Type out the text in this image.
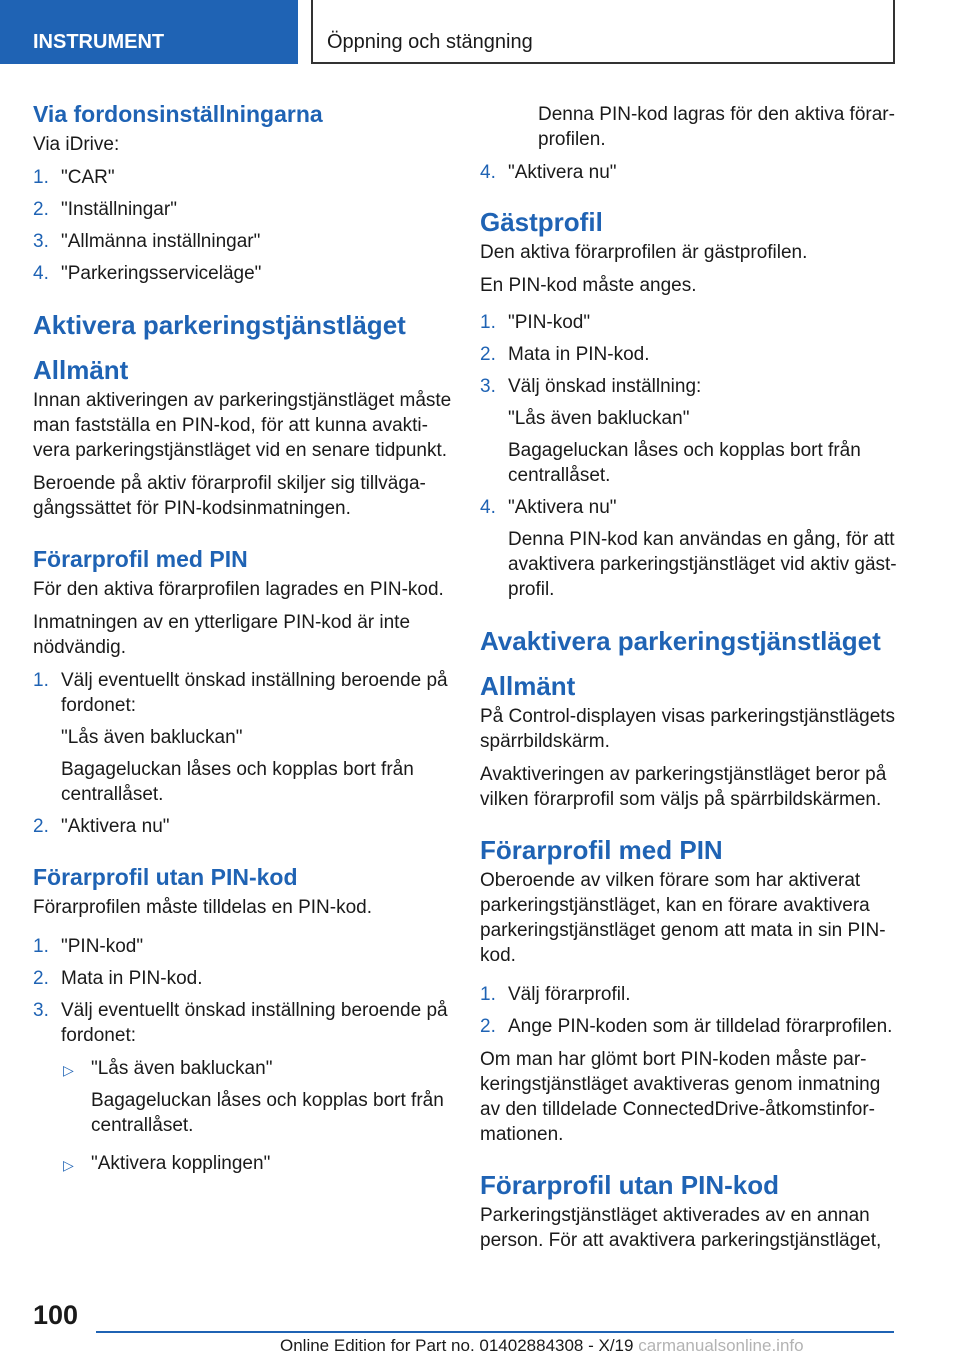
INSTRUMENT	Öppning och stängning
Via fordonsinställningarna

Via iDrive:

1. "CAR"
2. "Inställningar"
3. "Allmänna inställningar"
4. "Parkeringsserviceläge"
Aktivera parkeringstjänstläget
Allmänt

Innan aktiveringen av parkeringstjänstläget måste man fastställa en PIN-kod, för att kunna avakti-vera parkeringstjänstläget vid en senare tidpunkt.

Beroende på aktiv förarprofil skiljer sig tillväga-gångssättet för PIN-kodsinmatningen.

Förarprofil med PIN

För den aktiva förarprofilen lagrades en PIN-kod.

Inmatningen av en ytterligare PIN-kod är inte nödvändig.

1. Välj eventuellt önskad inställning beroende på fordonet:
"Lås även bakluckan"
Bagageluckan låses och kopplas bort från centrallåset.
2. "Aktivera nu"
Förarprofil utan PIN-kod

Förarprofilen måste tilldelas en PIN-kod.

1. "PIN-kod"
2. Mata in PIN-kod.
3. Välj eventuellt önskad inställning beroende på fordonet:
▷ "Lås även bakluckan"
Bagageluckan låses och kopplas bort från centrallåset.
▷ "Aktivera kopplingen"
Denna PIN-kod lagras för den aktiva förar-profilen.
4. "Aktivera nu"
Gästprofil

Den aktiva förarprofilen är gästprofilen.

En PIN-kod måste anges.

1. "PIN-kod"
2. Mata in PIN-kod.
3. Välj önskad inställning:
"Lås även bakluckan"
Bagageluckan låses och kopplas bort från centrallåset.
4. "Aktivera nu"
Denna PIN-kod kan användas en gång, för att avaktivera parkeringstjänstläget vid aktiv gäst-profil.
Avaktivera parkeringstjänstläget
Allmänt

På Control-displayen visas parkeringstjänstlägets spärrbildskärm.

Avaktiveringen av parkeringstjänstläget beror på vilken förarprofil som väljs på spärrbildskärmen.

Förarprofil med PIN

Oberoende av vilken förare som har aktiverat parkeringstjänstläget, kan en förare avaktivera parkeringstjänstläget genom att mata in sin PIN-kod.

1. Välj förarprofil.
2. Ange PIN-koden som är tilldelad förarprofilen.

Om man har glömt bort PIN-koden måste par-keringstjänstläget avaktiveras genom inmatning av den tilldelade ConnectedDrive-åtkomstinfor-mationen.

Förarprofil utan PIN-kod

Parkeringstjänstläget aktiverades av en annan person. För att avaktivera parkeringstjänstläget,

100
Online Edition for Part no. 01402884308 - X/19 carmanualsonline.info
